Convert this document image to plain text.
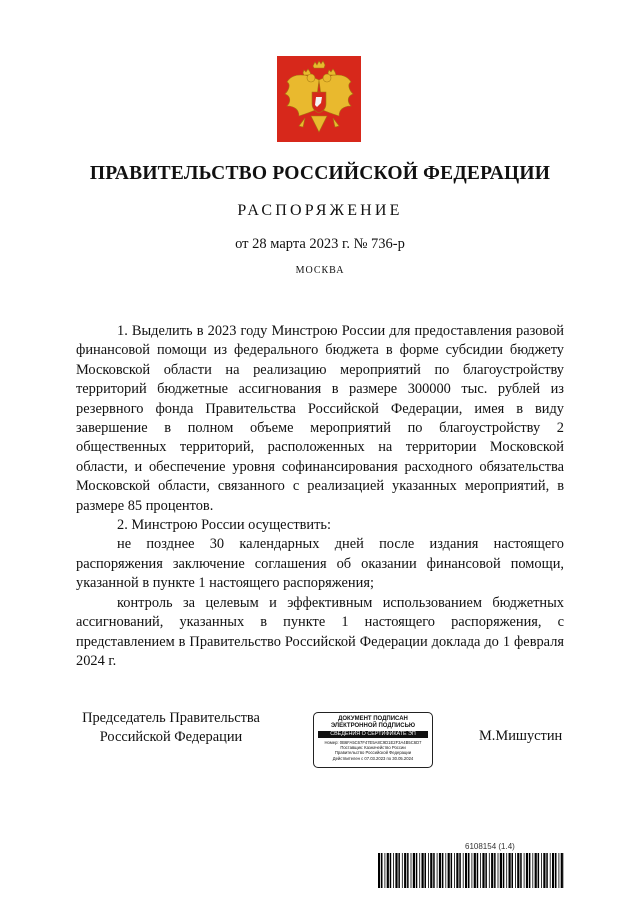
ПРАВИТЕЛЬСТВО РОССИЙСКОЙ ФЕДЕРАЦИИ
РАСПОРЯЖЕНИЕ
от 28 марта 2023 г. № 736-р
МОСКВА

1. Выделить в 2023 году Минстрою России для предоставления разовой финансовой помощи из федерального бюджета в форме субсидии бюджету Московской области на реализацию мероприятий по благоустройству территорий бюджетные ассигнования в размере 300000 тыс. рублей из резервного фонда Правительства Российской Федерации, имея в виду завершение в полном объеме мероприятий по благоустройству 2 общественных территорий, расположенных на территории Московской области, и обеспечение уровня софинансирования расходного обязательства Московской области, связанного с реализацией указанных мероприятий, в размере 85 процентов.

2. Минстрою России осуществить:

не позднее 30 календарных дней после издания настоящего распоряжения заключение соглашения об оказании финансовой помощи, указанной в пункте 1 настоящего распоряжения;

контроль за целевым и эффективным использованием бюджетных ассигнований, указанных в пункте 1 настоящего распоряжения, с представлением в Правительство Российской Федерации доклада до 1 февраля 2024 г.

Председатель Правительства
Российской Федерации
ДОКУМЕНТ ПОДПИСАН
ЭЛЕКТРОННОЙ ПОДПИСЬЮ
СВЕДЕНИЯ О СЕРТИФИКАТЕ ЭП
Номер: 0B6FA5C67F47E5A8C9D1E2F3A4B5C6D7
Поставщик: Казначейство России
Правительство Российской Федерации
Действителен с 07.03.2023 по 30.05.2024
М.Мишустин
6108154 (1.4)
